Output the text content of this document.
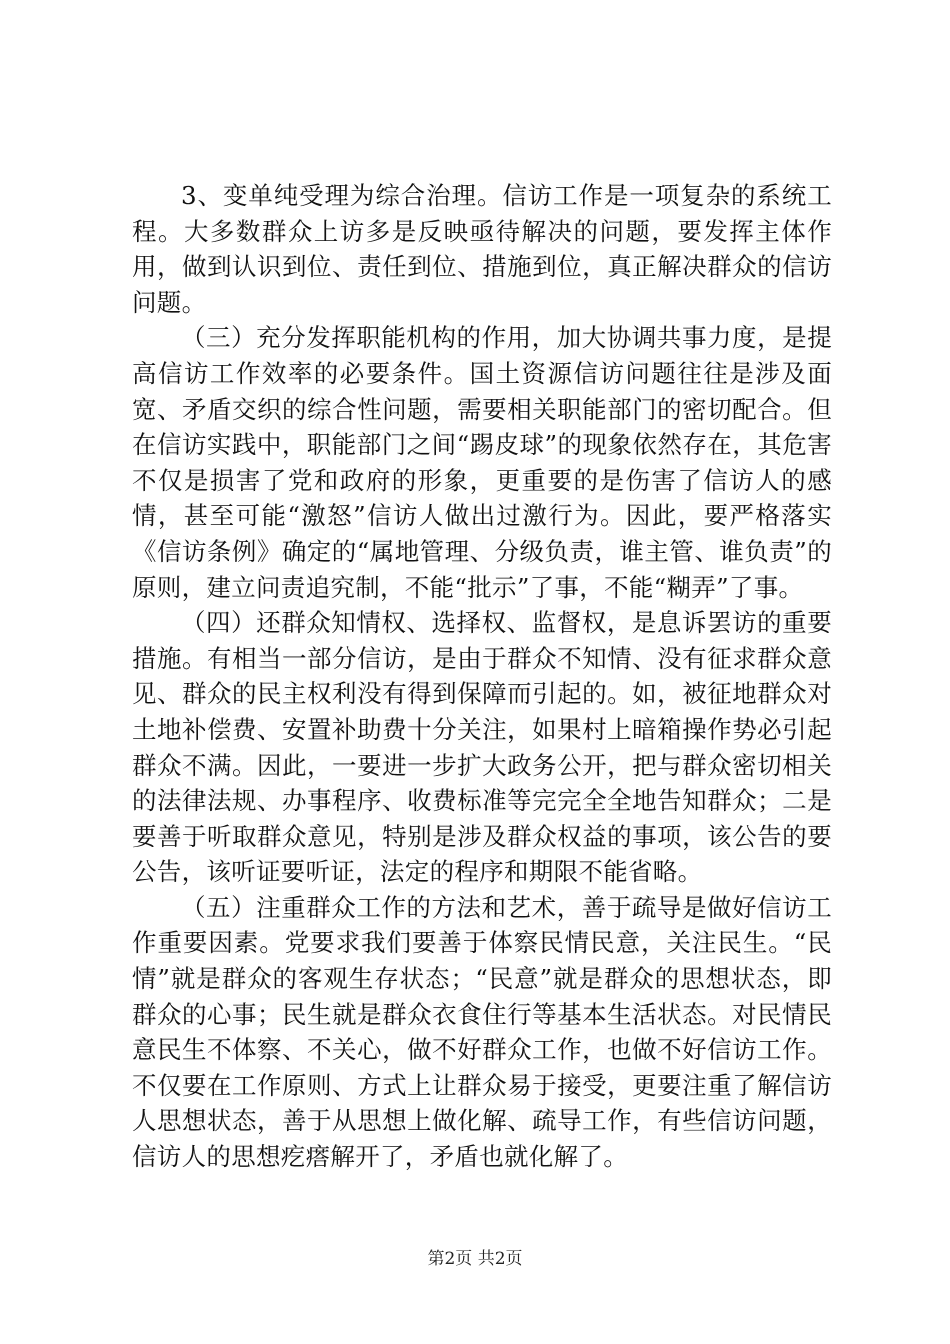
3、变单纯受理为综合治理。信访工作是一项复杂的系统工程。大多数群众上访多是反映亟待解决的问题，要发挥主体作用，做到认识到位、责任到位、措施到位，真正解决群众的信访问题。

（三）充分发挥职能机构的作用，加大协调共事力度，是提高信访工作效率的必要条件。国土资源信访问题往往是涉及面宽、矛盾交织的综合性问题，需要相关职能部门的密切配合。但在信访实践中，职能部门之间“踢皮球”的现象依然存在，其危害不仅是损害了党和政府的形象，更重要的是伤害了信访人的感情，甚至可能“激怒”信访人做出过激行为。因此，要严格落实《信访条例》确定的“属地管理、分级负责，谁主管、谁负责”的原则，建立问责追究制，不能“批示”了事，不能“糊弄”了事。

（四）还群众知情权、选择权、监督权，是息诉罢访的重要措施。有相当一部分信访，是由于群众不知情、没有征求群众意见、群众的民主权利没有得到保障而引起的。如，被征地群众对土地补偿费、安置补助费十分关注，如果村上暗箱操作势必引起群众不满。因此，一要进一步扩大政务公开，把与群众密切相关的法律法规、办事程序、收费标准等完完全全地告知群众；二是要善于听取群众意见，特别是涉及群众权益的事项，该公告的要公告，该听证要听证，法定的程序和期限不能省略。

（五）注重群众工作的方法和艺术，善于疏导是做好信访工作重要因素。党要求我们要善于体察民情民意，关注民生。“民情”就是群众的客观生存状态；“民意”就是群众的思想状态，即群众的心事；民生就是群众衣食住行等基本生活状态。对民情民意民生不体察、不关心，做不好群众工作，也做不好信访工作。不仅要在工作原则、方式上让群众易于接受，更要注重了解信访人思想状态，善于从思想上做化解、疏导工作，有些信访问题，信访人的思想疙瘩解开了，矛盾也就化解了。

第2页 共2页
